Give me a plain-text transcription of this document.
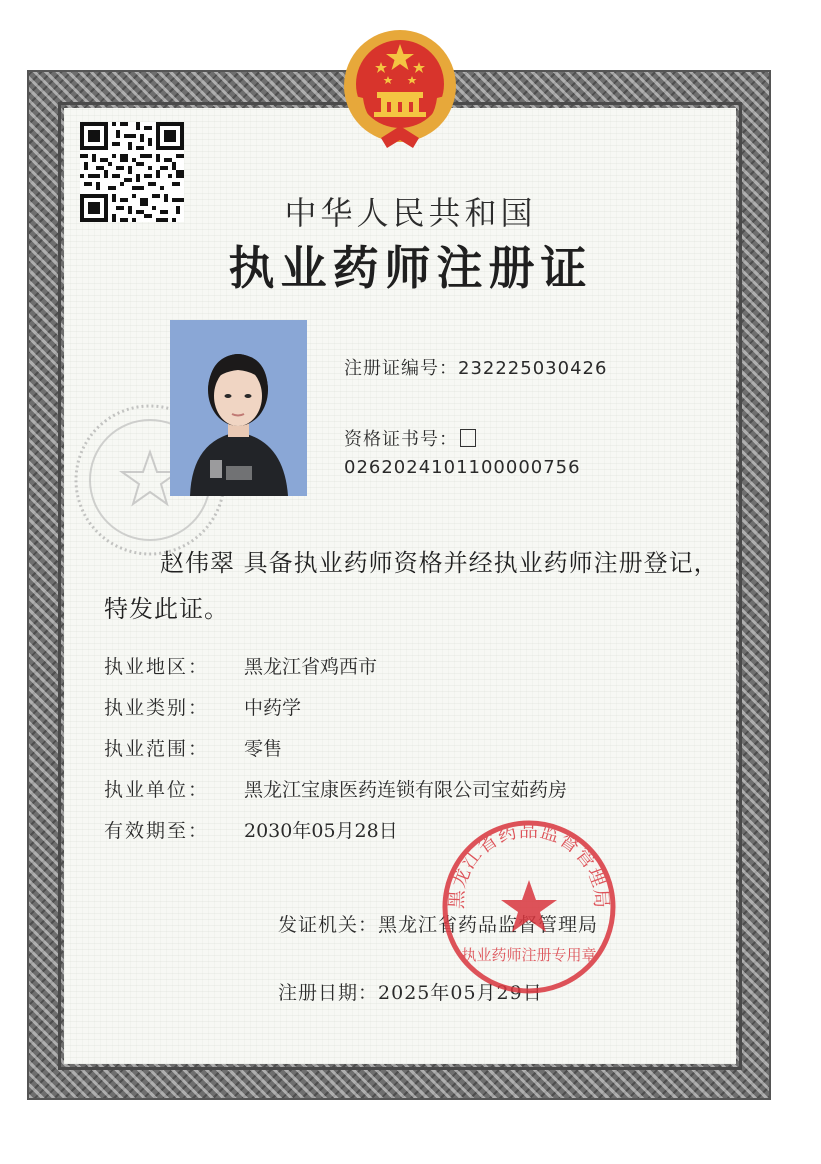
中华人民共和国
执业药师注册证
注册证编号：232225030426
资格证书号：
0262024101100000756
赵伟翠 具备执业药师资格并经执业药师注册登记，特发此证。
执业地区： 黑龙江省鸡西市
执业类别： 中药学
执业范围： 零售
执业单位： 黑龙江宝康医药连锁有限公司宝茹药房
有效期至： 2030年05月28日
发证机关：黑龙江省药品监督管理局
注册日期：2025年05月29日
黑龙江省药品监督管理局
执业药师注册专用章
